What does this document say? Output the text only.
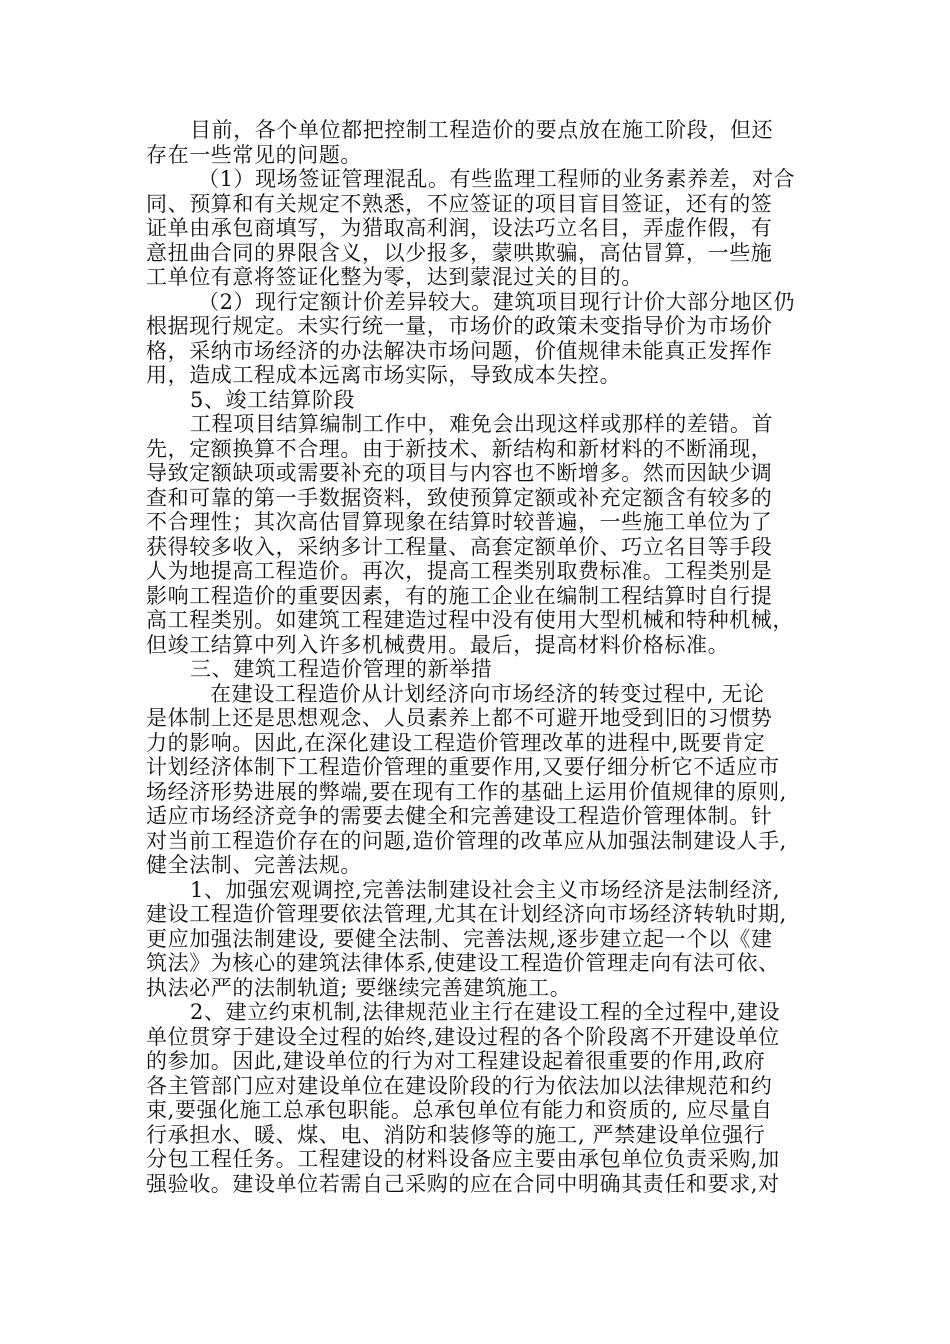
目前，各个单位都把控制工程造价的要点放在施工阶段，但还
存在一些常见的问题。
（1）现场签证管理混乱。有些监理工程师的业务素养差，对合
同、预算和有关规定不熟悉，不应签证的项目盲目签证，还有的签
证单由承包商填写，为猎取高利润，设法巧立名目，弄虚作假，有
意扭曲合同的界限含义，以少报多，蒙哄欺骗，高估冒算，一些施
工单位有意将签证化整为零，达到蒙混过关的目的。
（2）现行定额计价差异较大。建筑项目现行计价大部分地区仍
根据现行规定。未实行统一量，市场价的政策未变指导价为市场价
格，采纳市场经济的办法解决市场问题，价值规律未能真正发挥作
用，造成工程成本远离市场实际，导致成本失控。
5、竣工结算阶段
工程项目结算编制工作中，难免会出现这样或那样的差错。首
先，定额换算不合理。由于新技术、新结构和新材料的不断涌现，
导致定额缺项或需要补充的项目与内容也不断增多。然而因缺少调
查和可靠的第一手数据资料，致使预算定额或补充定额含有较多的
不合理性；其次高估冒算现象在结算时较普遍，一些施工单位为了
获得较多收入，采纳多计工程量、高套定额单价、巧立名目等手段
人为地提高工程造价。再次，提高工程类别取费标准。工程类别是
影响工程造价的重要因素，有的施工企业在编制工程结算时自行提
高工程类别。如建筑工程建造过程中没有使用大型机械和特种机械，
但竣工结算中列入许多机械费用。最后，提高材料价格标准。
三、建筑工程造价管理的新举措
在建设工程造价从计划经济向市场经济的转变过程中, 无论
是体制上还是思想观念、人员素养上都不可避开地受到旧的习惯势
力的影响。因此,在深化建设工程造价管理改革的进程中,既要肯定
计划经济体制下工程造价管理的重要作用,又要仔细分析它不适应市
场经济形势进展的弊端,要在现有工作的基础上运用价值规律的原则,
适应市场经济竞争的需要去健全和完善建设工程造价管理体制。针
对当前工程造价存在的问题,造价管理的改革应从加强法制建设人手,
健全法制、完善法规。
1、加强宏观调控,完善法制建设社会主义市场经济是法制经济,
建设工程造价管理要依法管理,尤其在计划经济向市场经济转轨时期,
更应加强法制建设, 要健全法制、完善法规,逐步建立起一个以《建
筑法》为核心的建筑法律体系,使建设工程造价管理走向有法可依、
执法必严的法制轨道; 要继续完善建筑施工。
2、建立约束机制,法律规范业主行在建设工程的全过程中,建设
单位贯穿于建设全过程的始终,建设过程的各个阶段离不开建设单位
的参加。因此,建设单位的行为对工程建设起着很重要的作用,政府
各主管部门应对建设单位在建设阶段的行为依法加以法律规范和约
束,要强化施工总承包职能。总承包单位有能力和资质的, 应尽量自
行承担水、暖、煤、电、消防和装修等的施工, 严禁建设单位强行
分包工程任务。工程建设的材料设备应主要由承包单位负责采购,加
强验收。建设单位若需自己采购的应在合同中明确其责任和要求,对
